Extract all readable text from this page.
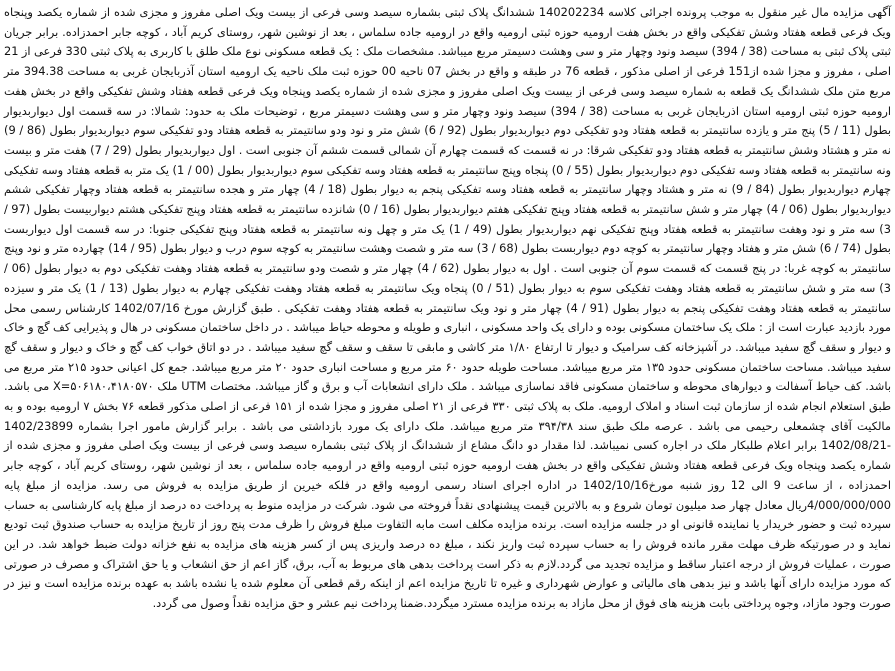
آگهی مزایده مال غیر منقول به موجب پرونده اجرائی کلاسه 140202234 ششدانگ پلاک ثبتی بشماره سیصد وسی فرعی از بیست ویک اصلی مفروز و مجزی شده از شماره یکصد وپنجاه ویک فرعی قطعه هفتاد وشش تفکیکی واقع در بخش هفت ارومیه حوزه ثبتی ارومیه واقع در ارومیه جاده سلماس ، بعد از نوشین شهر، روستای کریم آباد ، کوچه جابر احمدزاده. برابر جریان ثبتی پلاک ثبتی به مساحت (38 / 394) سیصد ونود وچهار متر و سی وهشت دسیمتر مربع میباشد. مشخصات ملک : یک قطعه مسکونی نوع ملک طلق با کاربری به پلاک ثبتی 330 فرعی از 21 اصلی ، مفروز و مجزا شده از151 فرعی از اصلی مذکور ، قطعه 76 در طبقه و واقع در بخش 07 ناحیه 00 حوزه ثبت ملک ناحیه یک ارومیه استان آذربایجان غربی به مساحت 394.38 متر مربع متن ملک ششدانگ یک قطعه به شماره سیصد وسی فرعی از بیست ویک اصلی مفروز و مجزی شده از شماره یکصد وپنجاه ویک فرعی قطعه هفتاد وشش تفکیکی واقع در بخش هفت ارومیه حوزه ثبتی ارومیه استان اذربایجان غربی به مساحت (38 / 394) سیصد ونود وچهار متر و سی وهشت دسیمتر مربع ، توضیحات ملک به حدود: شمالا: در سه قسمت اول دیواربدیوار بطول (11 / 5) پنج متر و یازده سانتیمتر به قطعه هفتاد ودو تفکیکی دوم دیواربدیوار بطول (92 / 6) شش متر و نود ودو سانتیمتر به قطعه هفتاد ودو تفکیکی سوم دیواربدیوار بطول (86 / 9) نه متر و هشتاد وشش سانتیمتر به قطعه هفتاد ودو تفکیکی شرقا: در نه قسمت که قسمت چهارم آن شمالی قسمت ششم آن جنوبی است . اول دیواربدیوار بطول (29 / 7) هفت متر و بیست ونه سانتیمتر به قطعه هفتاد وسه تفکیکی دوم دیواربدیوار بطول (55 / 0) پنجاه وپنج سانتیمتر به قطعه هفتاد وسه تفکیکی سوم دیواربدیوار بطول (00 / 1) یک متر به قطعه هفتاد وسه تفکیکی چهارم دیواربدیوار بطول (84 / 9) نه متر و هشتاد وچهار سانتیمتر به قطعه هفتاد وسه تفکیکی پنجم به دیوار بطول (18 / 4) چهار متر و هجده سانتیمتر به قطعه هفتاد وچهار تفکیکی ششم دیواربدیوار بطول (06 / 4) چهار متر و شش سانتیمتر به قطعه هفتاد وپنج تفکیکی هفتم دیواربدیوار بطول (16 / 0) شانزده سانتیمتر به قطعه هفتاد وپنج تفکیکی هشتم دیواربیست بطول (97 / 3) سه متر و نود وهفت سانتیمتر به قطعه هفتاد وپنج تفکیکی نهم دیواربدیوار بطول (49 / 1) یک متر و چهل ونه سانتیمتر به قطعه هفتاد وپنج تفکیکی جنوبا: در سه قسمت اول دیواربست بطول (74 / 6) شش متر و هفتاد وچهار سانتیمتر به کوچه دوم دیواربست بطول (68 / 3) سه متر و شصت وهشت سانتیمتر به کوچه سوم درب و دیوار بطول (95 / 14) چهارده متر و نود وپنج سانتیمتر به کوچه غربا: در پنج قسمت که قسمت سوم آن جنوبی است . اول به دیوار بطول (62 / 4) چهار متر و شصت ودو سانتیمتر به قطعه هفتاد وهفت تفکیکی دوم به دیوار بطول (06 / 3) سه متر و شش سانتیمتر به قطعه هفتاد وهفت تفکیکی سوم به دیوار بطول (51 / 0) پنجاه ویک سانتیمتر به قطعه هفتاد وهفت تفکیکی چهارم به دیوار بطول (13 / 1) یک متر و سیزده سانتیمتر به قطعه هفتاد وهفت تفکیکی پنجم به دیوار بطول (91 / 4) چهار متر و نود ویک سانتیمتر به قطعه هفتاد وهفت تفکیکی . طبق گزارش مورخ 1402/07/16 کارشناس رسمی محل مورد بازدید عبارت است از : ملک یک ساختمان مسکونی بوده و دارای یک واحد مسکونی ، انباری و طویله و محوطه حیاط میباشد . در داخل ساختمان مسکونی در هال و پذیرایی کف گچ و خاک و دیوار و سقف گچ سفید میباشد. در آشپزخانه کف سرامیک و دیوار تا ارتفاع ۱/۸۰ متر کاشی و مابقی تا سقف و سقف گچ سفید میباشد . در دو اتاق خواب کف گچ و خاک و دیوار و سقف گچ سفید میباشد. مساحت ساختمان مسکونی حدود ۱۳۵ متر مربع میباشد. مساحت طویله حدود ۶۰ متر مربع و مساحت انباری حدود ۲۰ متر مربع میباشد. جمع کل اعیانی حدود ۲۱۵ متر مربع می باشد. کف حیاط آسفالت و دیوارهای محوطه و ساختمان مسکونی فاقد نماسازی میباشد . ملک دارای انشعابات آب و برق و گاز میباشد. مختصات UTM ملک X=۵۰۶۱۸۰،۴۱۸۰۵۷۰ می باشد. طبق استعلام انجام شده از سازمان ثبت اسناد و املاک ارومیه. ملک به پلاک ثبتی ۳۳۰ فرعی از ۲۱ اصلی مفروز و مجزا شده از ۱۵۱ فرعی از اصلی مذکور قطعه ۷۶ بخش ۷ ارومیه بوده و به مالکیت آقای چشمعلی رحیمی می باشد . عرصه ملک طبق سند ۳۹۴/۳۸ متر مربع میباشد. ملک دارای یک مورد بازداشتی می باشد . برابر گزارش مامور اجرا بشماره 1402/23899 -1402/08/21 برابر اعلام طلبکار ملک در اجاره کسی نمیباشد. لذا مقدار دو دانگ مشاع از ششدانگ از پلاک ثبتی بشماره سیصد وسی فرعی از بیست ویک اصلی مفروز و مجزی شده از شماره یکصد وپنجاه ویک فرعی قطعه هفتاد وشش تفکیکی واقع در بخش هفت ارومیه حوزه ثبتی ارومیه واقع در ارومیه جاده سلماس ، بعد از نوشین شهر، روستای کریم آباد ، کوچه جابر احمدزاده ، از ساعت 9 الی 12 روز شنبه مورخ1402/10/16 در اداره اجرای اسناد رسمی ارومیه واقع در فلکه خیرین از طریق مزایده به فروش می رسد. مزایده از مبلغ پایه 4/000/000/000ریال معادل چهار صد میلیون تومان شروع و به بالاترین قیمت پیشنهادی نقداً فروخته می شود. شرکت در مزایده منوط به پرداخت ده درصد از مبلغ پایه کارشناسی به حساب سپرده ثبت و حضور خریدار یا نماینده قانونی او در جلسه مزایده است. برنده مزایده مکلف است مابه التفاوت مبلغ فروش را ظرف مدت پنج روز از تاریخ مزایده به حساب صندوق ثبت تودیع نماید و در صورتیکه ظرف مهلت مقرر مانده فروش را به حساب سپرده ثبت واریز نکند ، مبلغ ده درصد واریزی پس از کسر هزینه های مزایده به نفع خزانه دولت ضبط خواهد شد. در این صورت ، عملیات فروش از درجه اعتبار ساقط و مزایده تجدید می گردد.لازم به ذکر است پرداخت بدهی های مربوط به آب، برق، گاز اعم از حق انشعاب و یا حق اشتراک و مصرف در صورتی که مورد مزایده دارای آنها باشد و نیز بدهی های مالیاتی و عوارض شهرداری و غیره تا تاریخ مزایده اعم از اینکه رقم قطعی آن معلوم شده یا نشده باشد به عهده برنده مزایده است و نیز در صورت وجود مازاد، وجوه پرداختی بابت هزینه های فوق از محل مازاد به برنده مزایده مسترد میگردد.ضمنا پرداخت نیم عشر و حق مزایده نقداً وصول می گردد.
